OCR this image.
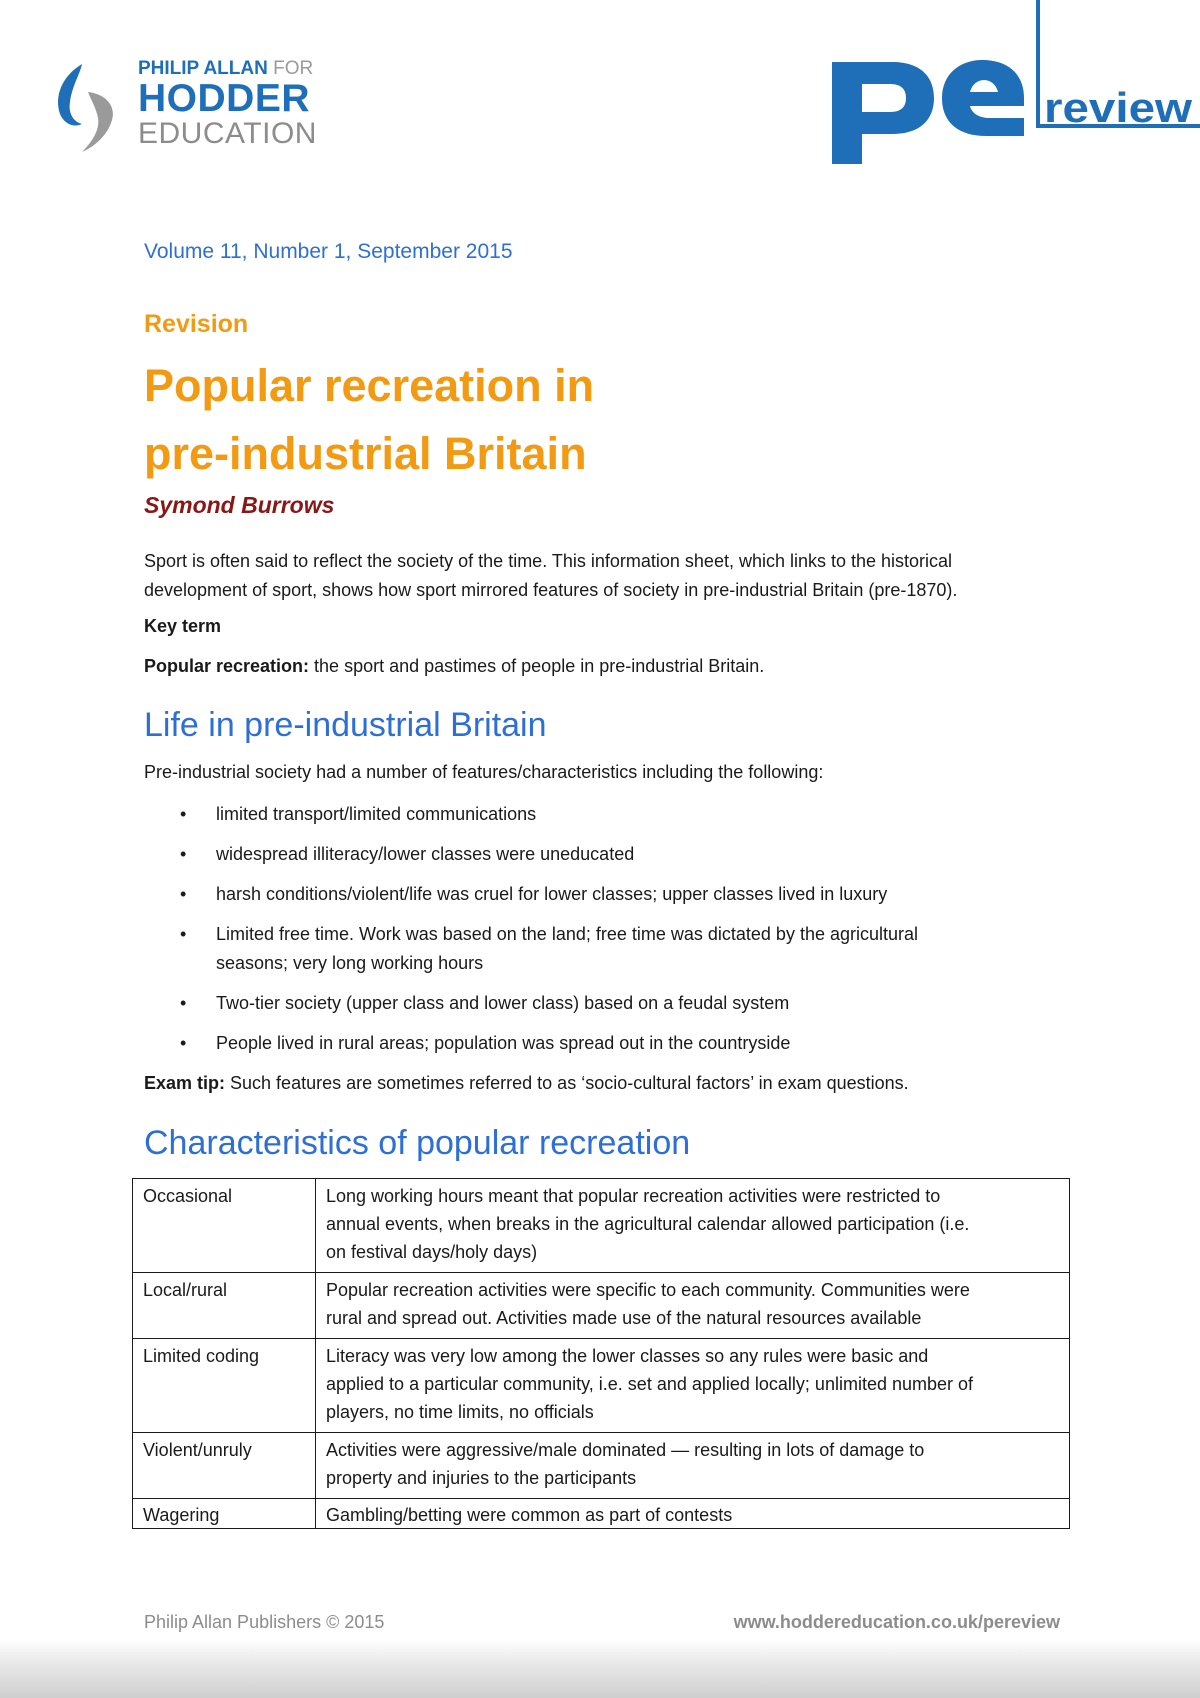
PHILIP ALLAN FOR
HODDER
EDUCATION
review
Volume 11, Number 1, September 2015
Revision
Popular recreation in
pre-industrial Britain
Symond Burrows

Sport is often said to reflect the society of the time. This information sheet, which links to the historical
development of sport, shows how sport mirrored features of society in pre-industrial Britain (pre-1870).

Key term
Popular recreation: the sport and pastimes of people in pre-industrial Britain.
Life in pre-industrial Britain
Pre-industrial society had a number of features/characteristics including the following:
• limited transport/limited communications
• widespread illiteracy/lower classes were uneducated
• harsh conditions/violent/life was cruel for lower classes; upper classes lived in luxury
• Limited free time. Work was based on the land; free time was dictated by the agricultural
seasons; very long working hours
• Two-tier society (upper class and lower class) based on a feudal system
• People lived in rural areas; population was spread out in the countryside
Exam tip: Such features are sometimes referred to as ‘socio-cultural factors’ in exam questions.
Characteristics of popular recreation
Occasional	Long working hours meant that popular recreation activities were restricted to
annual events, when breaks in the agricultural calendar allowed participation (i.e.
on festival days/holy days)
Local/rural	Popular recreation activities were specific to each community. Communities were
rural and spread out. Activities made use of the natural resources available
Limited coding	Literacy was very low among the lower classes so any rules were basic and
applied to a particular community, i.e. set and applied locally; unlimited number of
players, no time limits, no officials
Violent/unruly	Activities were aggressive/male dominated — resulting in lots of damage to
property and injuries to the participants
Wagering	Gambling/betting were common as part of contests
Philip Allan Publishers © 2015	www.hoddereducation.co.uk/pereview
